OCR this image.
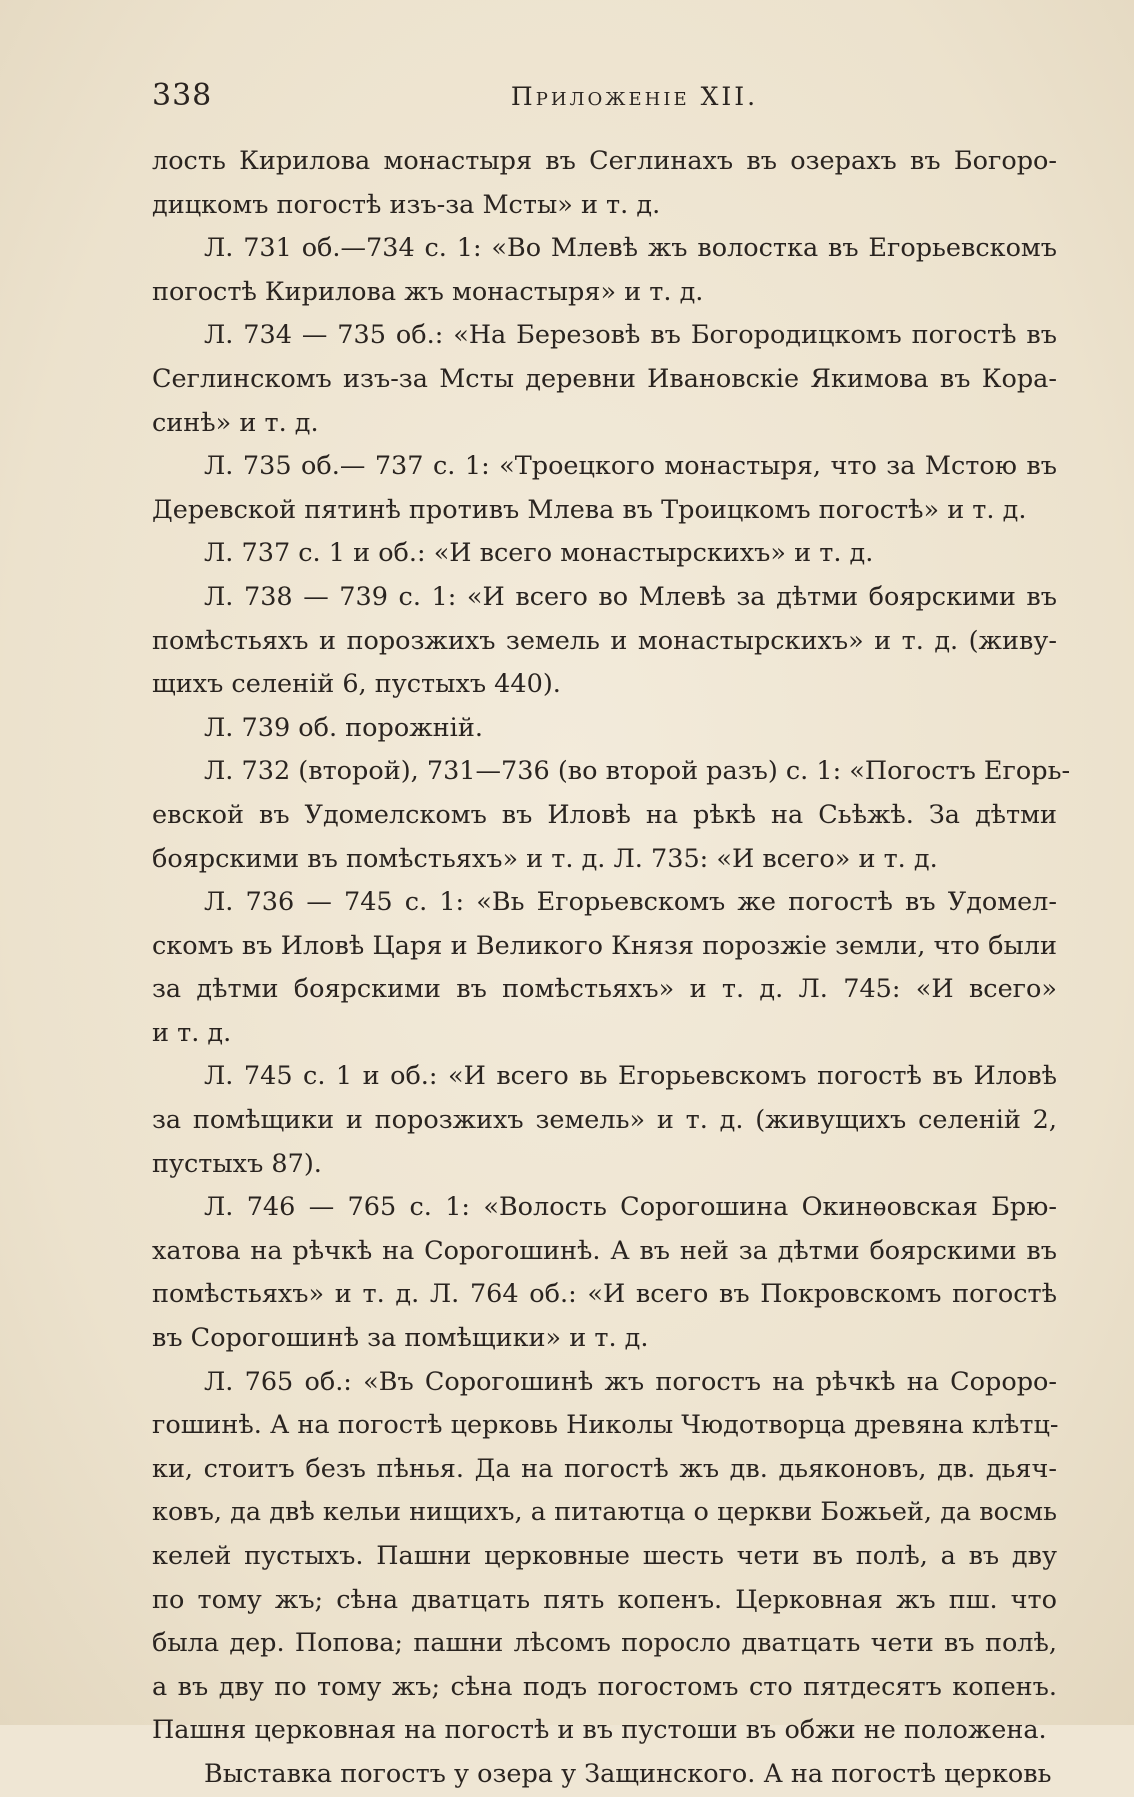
338	Приложеніе XII.
лость Кирилова монастыря въ Сеглинахъ въ озерахъ въ Богоро-
дицкомъ погостѣ изъ-за Мсты» и т. д.
Л. 731 об.—734 с. 1: «Во Млевѣ жъ волостка въ Егорьевскомъ
погостѣ Кирилова жъ монастыря» и т. д.
Л. 734 — 735 об.: «На Березовѣ въ Богородицкомъ погостѣ въ
Сеглинскомъ изъ-за Мсты деревни Ивановскіе Якимова въ Кора-
синѣ» и т. д.
Л. 735 об.— 737 с. 1: «Троецкого монастыря, что за Мстою въ
Деревской пятинѣ противъ Млева въ Троицкомъ погостѣ» и т. д.
Л. 737 с. 1 и об.: «И всего монастырскихъ» и т. д.
Л. 738 — 739 с. 1: «И всего во Млевѣ за дѣтми боярскими въ
помѣстьяхъ и порозжихъ земель и монастырскихъ» и т. д. (живу-
щихъ селеній 6, пустыхъ 440).
Л. 739 об. порожній.
Л. 732 (второй), 731—736 (во второй разъ) с. 1: «Погостъ Егорь-
евской въ Удомелскомъ въ Иловѣ на рѣкѣ на Сьѣжѣ. За дѣтми
боярскими въ помѣстьяхъ» и т. д. Л. 735: «И всего» и т. д.
Л. 736 — 745 с. 1: «Вь Егорьевскомъ же погостѣ въ Удомел-
скомъ въ Иловѣ Царя и Великого Князя порозжіе земли, что были
за дѣтми боярскими въ помѣстьяхъ» и т. д. Л. 745: «И всего»
и т. д.
Л. 745 с. 1 и об.: «И всего вь Егорьевскомъ погостѣ въ Иловѣ
за помѣщики и порозжихъ земель» и т. д. (живущихъ селеній 2,
пустыхъ 87).
Л. 746 — 765 с. 1: «Волость Сорогошина Окинѳовская Брю-
хатова на рѣчкѣ на Сорогошинѣ. А въ ней за дѣтми боярскими въ
помѣстьяхъ» и т. д. Л. 764 об.: «И всего въ Покровскомъ погостѣ
въ Сорогошинѣ за помѣщики» и т. д.
Л. 765 об.: «Въ Сорогошинѣ жъ погостъ на рѣчкѣ на Сороро-
гошинѣ. А на погостѣ церковь Николы Чюдотворца древяна клѣтц-
ки, стоитъ безъ пѣнья. Да на погостѣ жъ дв. дьяконовъ, дв. дьяч-
ковъ, да двѣ кельи нищихъ, а питаютца о церкви Божьей, да восмь
келей пустыхъ. Пашни церковные шесть чети въ полѣ, а въ дву
по тому жъ; сѣна дватцать пять копенъ. Церковная жъ пш. что
была дер. Попова; пашни лѣсомъ поросло дватцать чети въ полѣ,
а въ дву по тому жъ; сѣна подъ погостомъ сто пятдесятъ копенъ.
Пашня церковная на погостѣ и въ пустоши въ обжи не положена.
Выставка погостъ у озера у Защинского. А на погостѣ церковь
